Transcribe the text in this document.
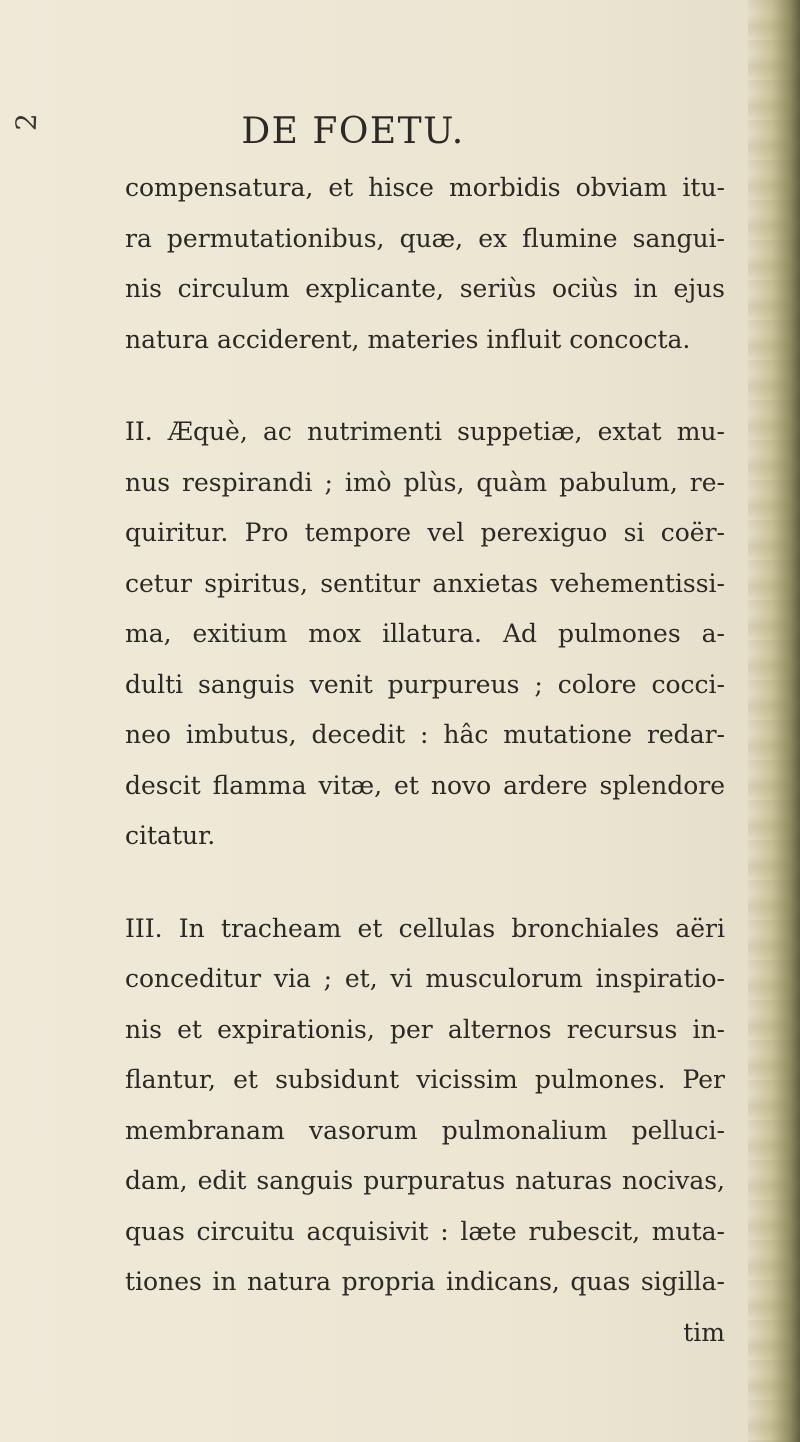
2	DE FOETU.
compensatura, et hisce morbidis obviam itu-
ra permutationibus, quæ, ex flumine sangui-
nis circulum explicante, seriùs ociùs in ejus
natura acciderent, materies influit concocta.
II. Æquè, ac nutrimenti suppetiæ, extat mu-
nus respirandi ; imò plùs, quàm pabulum, re-
quiritur. Pro tempore vel perexiguo si coër-
cetur spiritus, sentitur anxietas vehementissi-
ma, exitium mox illatura. Ad pulmones a-
dulti sanguis venit purpureus ; colore cocci-
neo imbutus, decedit : hâc mutatione redar-
descit flamma vitæ, et novo ardere splendore
citatur.
III. In tracheam et cellulas bronchiales aëri
conceditur via ; et, vi musculorum inspiratio-
nis et expirationis, per alternos recursus in-
flantur, et subsidunt vicissim pulmones. Per
membranam vasorum pulmonalium pelluci-
dam, edit sanguis purpuratus naturas nocivas,
quas circuitu acquisivit : læte rubescit, muta-
tiones in natura propria indicans, quas sigilla-
tim
